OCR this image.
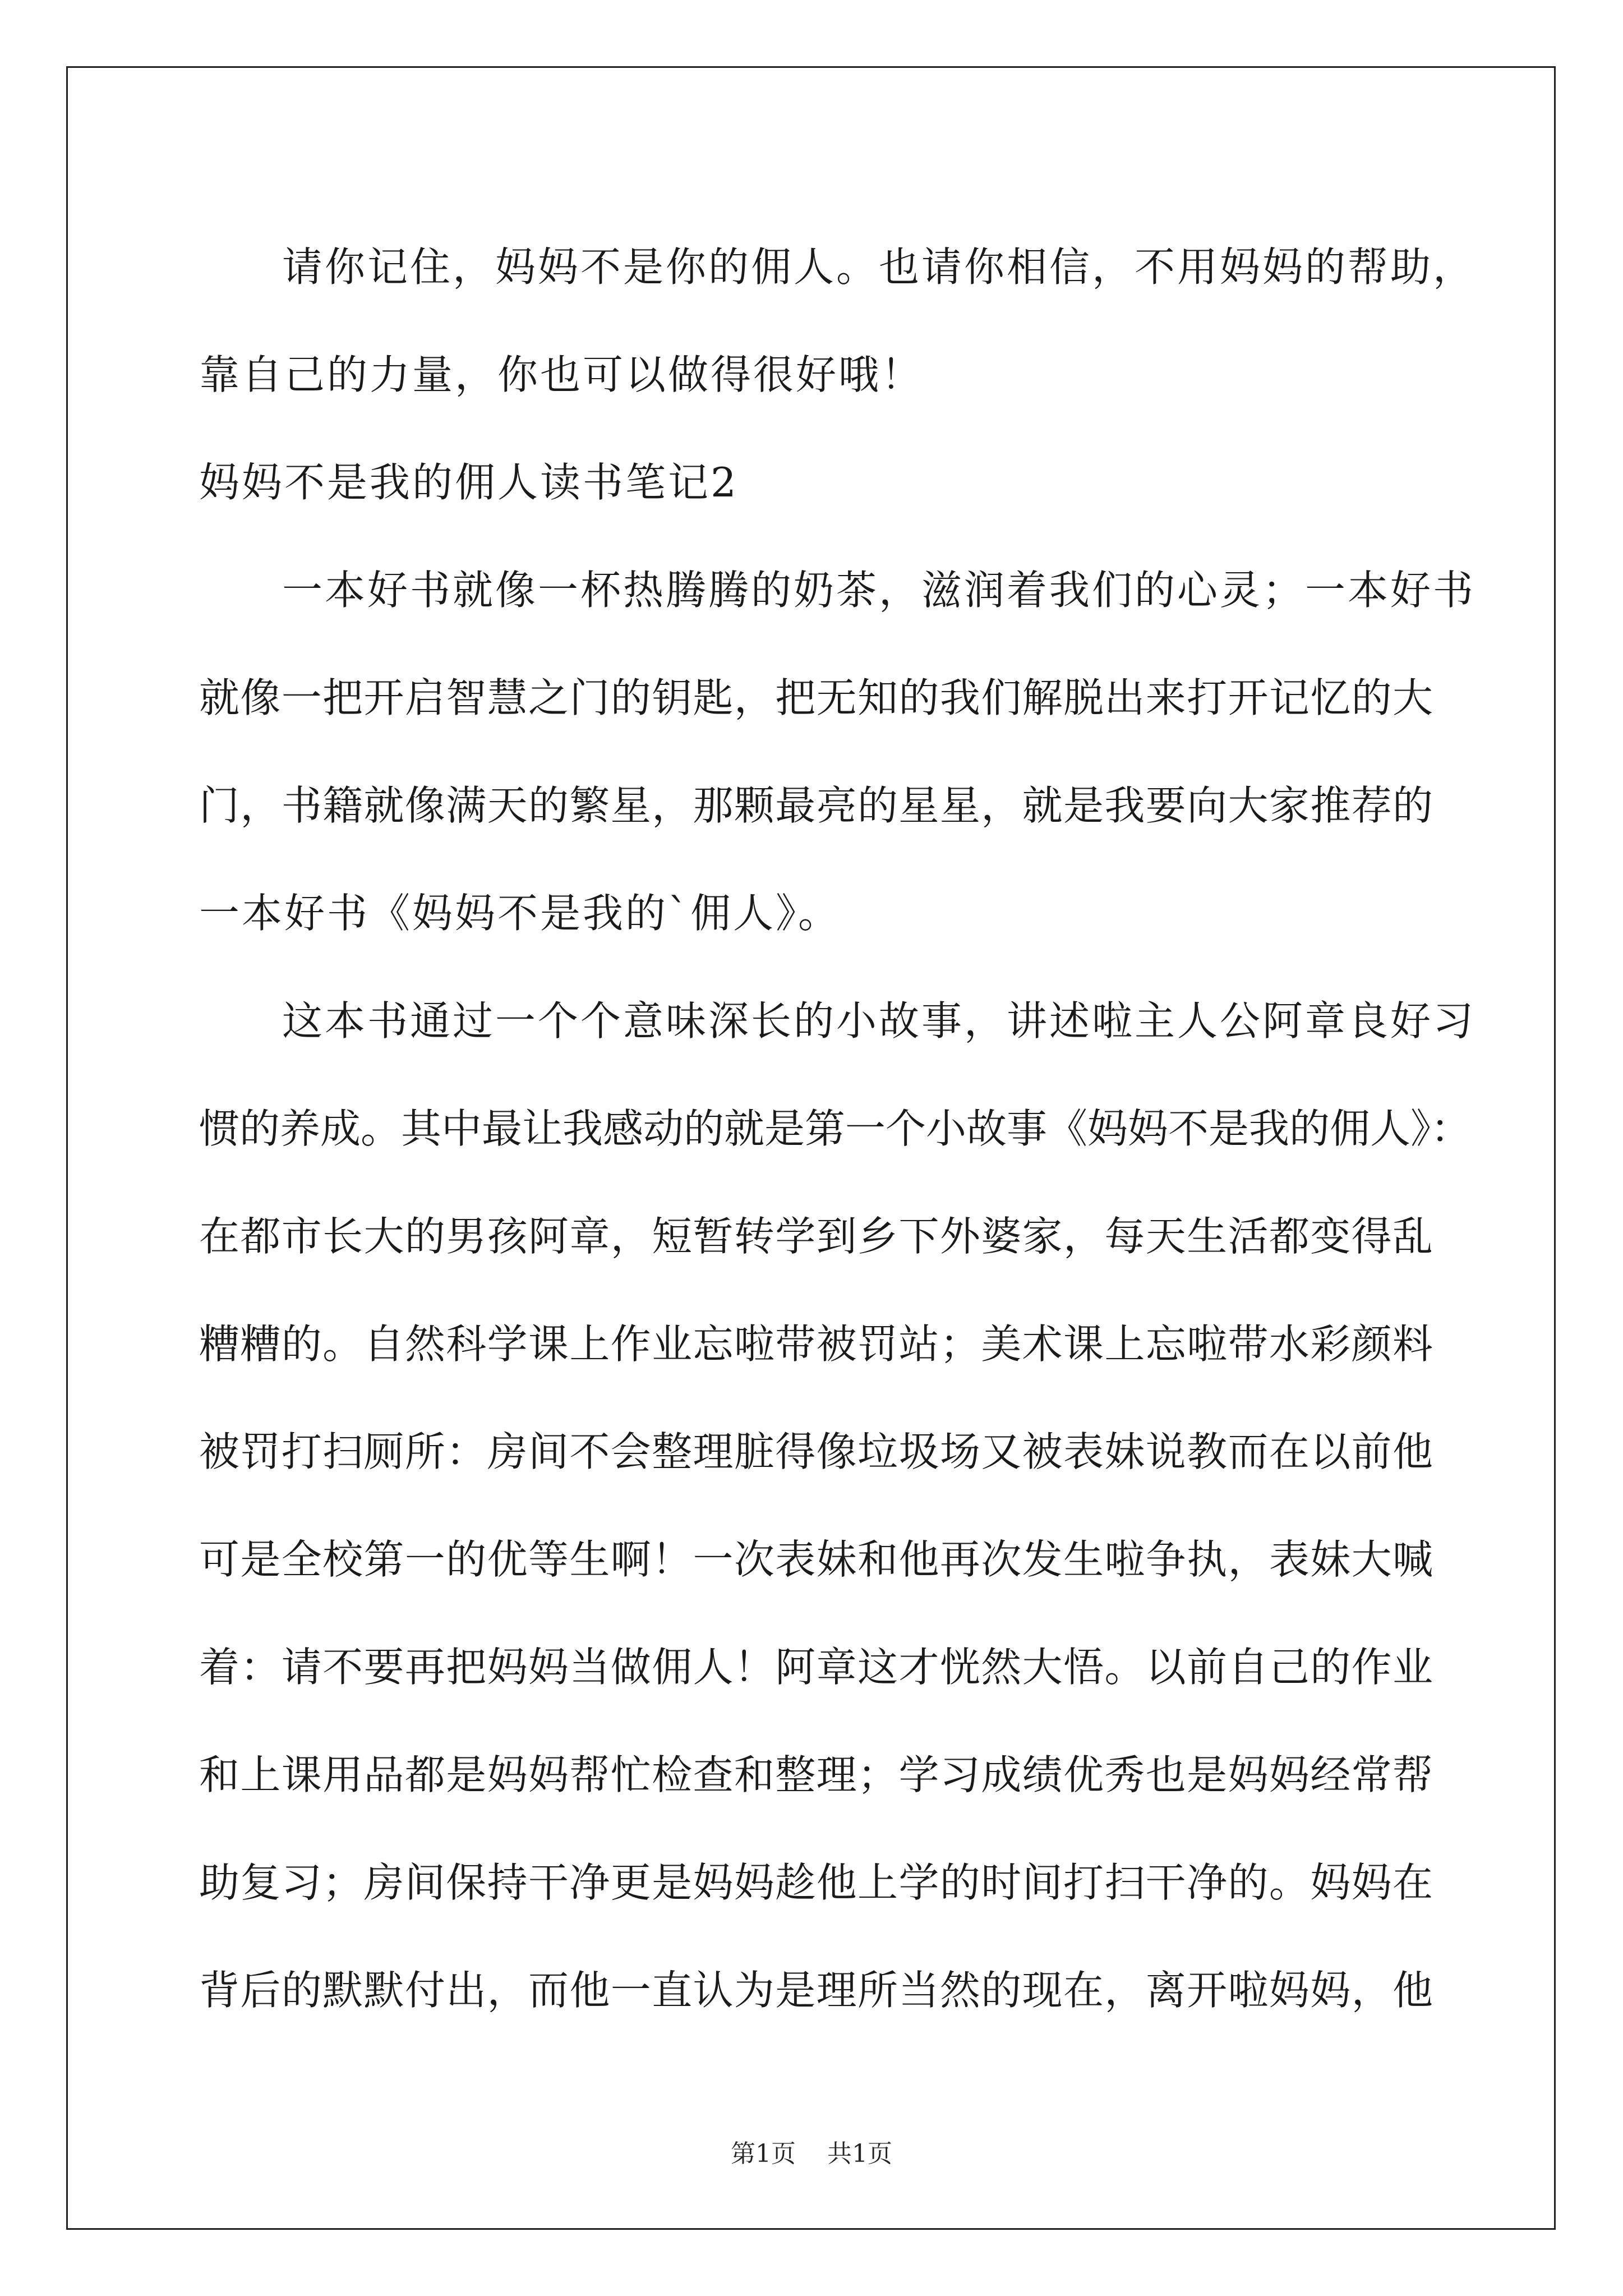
请你记住，妈妈不是你的佣人。也请你相信，不用妈妈的帮助，
靠自己的力量，你也可以做得很好哦！
妈妈不是我的佣人读书笔记2
一本好书就像一杯热腾腾的奶茶，滋润着我们的心灵；一本好书
就像一把开启智慧之门的钥匙，把无知的我们解脱出来打开记忆的大
门，书籍就像满天的繁星，那颗最亮的星星，就是我要向大家推荐的
一本好书《妈妈不是我的`佣人》。
这本书通过一个个意味深长的小故事，讲述啦主人公阿章良好习
惯的养成。其中最让我感动的就是第一个小故事《妈妈不是我的佣人》：
在都市长大的男孩阿章，短暂转学到乡下外婆家，每天生活都变得乱
糟糟的。自然科学课上作业忘啦带被罚站；美术课上忘啦带水彩颜料
被罚打扫厕所：房间不会整理脏得像垃圾场又被表妹说教而在以前他
可是全校第一的优等生啊！一次表妹和他再次发生啦争执，表妹大喊
着：请不要再把妈妈当做佣人！阿章这才恍然大悟。以前自己的作业
和上课用品都是妈妈帮忙检查和整理；学习成绩优秀也是妈妈经常帮
助复习；房间保持干净更是妈妈趁他上学的时间打扫干净的。妈妈在
背后的默默付出，而他一直认为是理所当然的现在，离开啦妈妈，他
第1页 共1页
